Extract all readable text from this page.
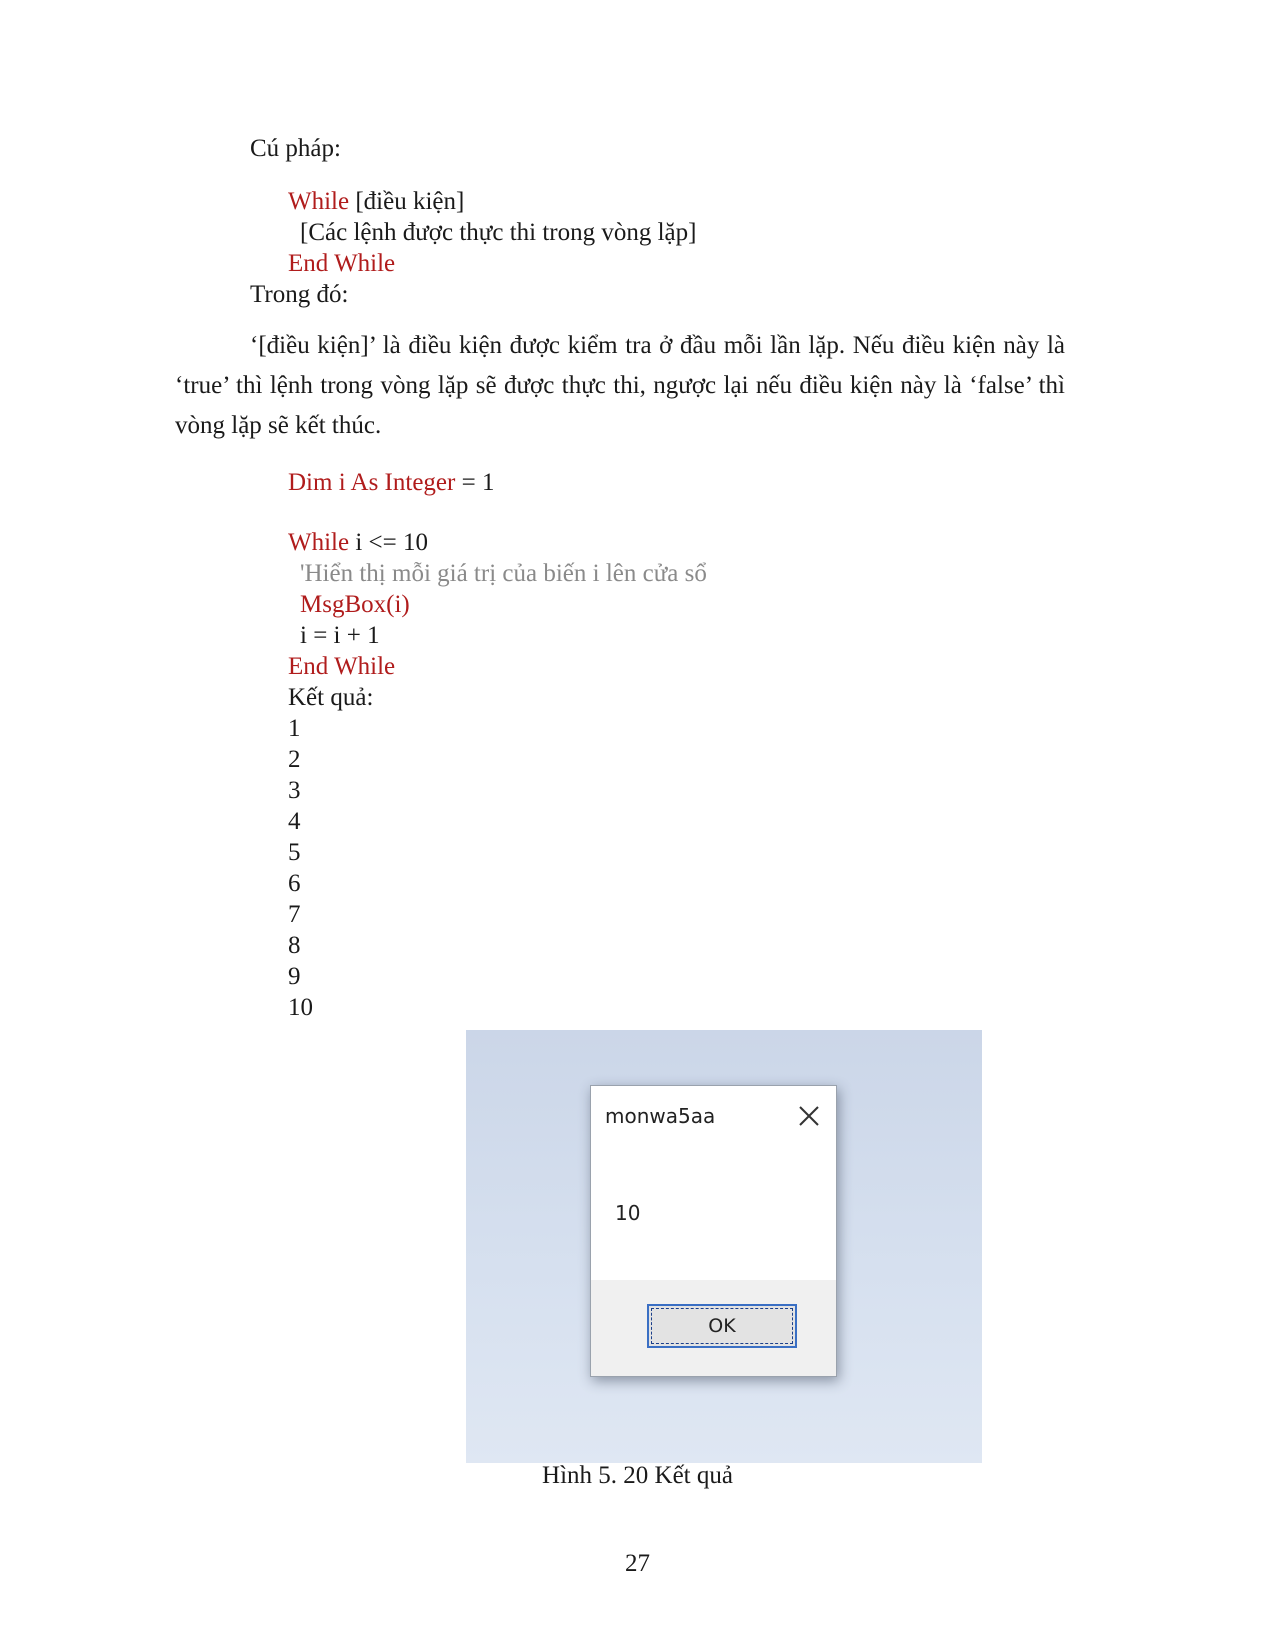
Cú pháp:
While [điều kiện]
[Các lệnh được thực thi trong vòng lặp]
End While
Trong đó:

‘[điều kiện]’ là điều kiện được kiểm tra ở đầu mỗi lần lặp. Nếu điều kiện này là ‘true’ thì lệnh trong vòng lặp sẽ được thực thi, ngược lại nếu điều kiện này là ‘false’ thì vòng lặp sẽ kết thúc.

Dim i As Integer = 1
While i <= 10
'Hiển thị mỗi giá trị của biến i lên cửa sổ
MsgBox(i)
i = i + 1
End While
Kết quả:
1
2
3
4
5
6
7
8
9
10
monwa5aa
10
OK
Hình 5. 20 Kết quả
27
